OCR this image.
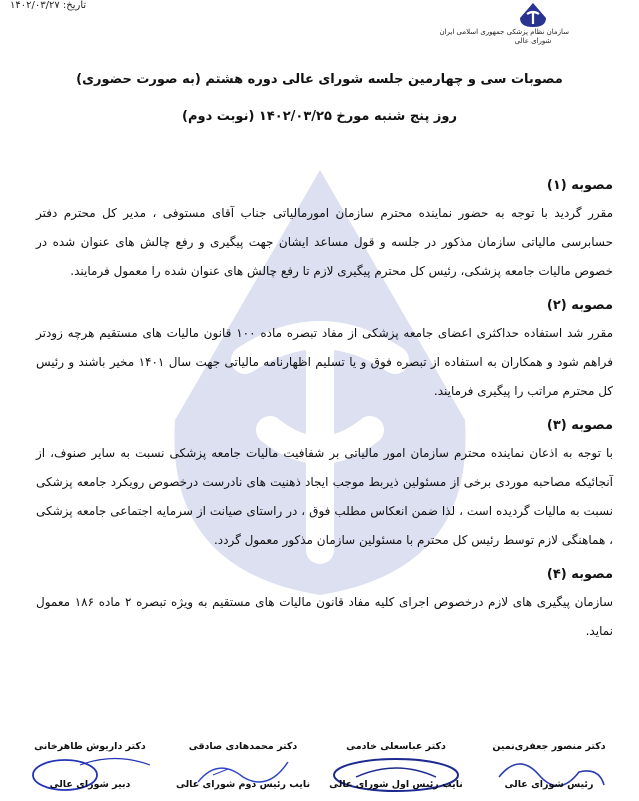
تاریخ: ۱۴۰۲/۰۳/۲۷
سازمان نظام پزشکی جمهوری اسلامی ایران
شورای عالی
مصوبات سی و چهارمین جلسه شورای عالی دوره هشتم (به صورت حضوری)
روز پنج شنبه مورخ ۱۴۰۲/۰۳/۲۵ (نوبت دوم)
مصوبه (۱)
مقرر گردید با توجه به حضور نماینده محترم سازمان امورمالیاتی جناب آقای مستوفی ، مدیر کل محترم دفتر حسابرسی مالیاتی سازمان مذکور در جلسه و قول مساعد ایشان جهت پیگیری و رفع چالش های عنوان شده در خصوص مالیات جامعه پزشکی، رئیس کل محترم پیگیری لازم تا رفع چالش های عنوان شده را معمول فرمایند.
مصوبه (۲)
مقرر شد استفاده حداکثری اعضای جامعه پزشکی از مفاد تبصره ماده ۱۰۰ قانون مالیات های مستقیم هرچه زودتر فراهم شود و همکاران به استفاده از تبصره فوق و یا تسلیم اظهارنامه مالیاتی جهت سال ۱۴۰۱ مخیر باشند و رئیس کل محترم مراتب را پیگیری فرمایند.
مصوبه (۳)
با توجه به اذعان نماینده محترم سازمان امور مالیاتی بر شفافیت مالیات جامعه پزشکی نسبت به سایر صنوف، از آنجائیکه مصاحبه موردی برخی از مسئولین ذیربط موجب ایجاد ذهنیت های نادرست درخصوص رویکرد جامعه پزشکی نسبت به مالیات گردیده است ، لذا ضمن انعکاس مطلب فوق ، در راستای صیانت از سرمایه اجتماعی جامعه پزشکی ، هماهنگی لازم توسط رئیس کل محترم با مسئولین سازمان مذکور معمول گردد.
مصوبه (۴)
سازمان پیگیری های لازم درخصوص اجرای کلیه مفاد قانون مالیات های مستقیم به ویژه تبصره ۲ ماده ۱۸۶ معمول نماید.
دکتر منصور جعفری‌نمین
رئیس شورای عالی
دکتر عباسعلی خادمی
نایب رئیس اول شورای عالی
دکتر محمدهادی صادقی
نایب رئیس دوم شورای عالی
دکتر داریوش طاهرخانی
دبیر شورای عالی
